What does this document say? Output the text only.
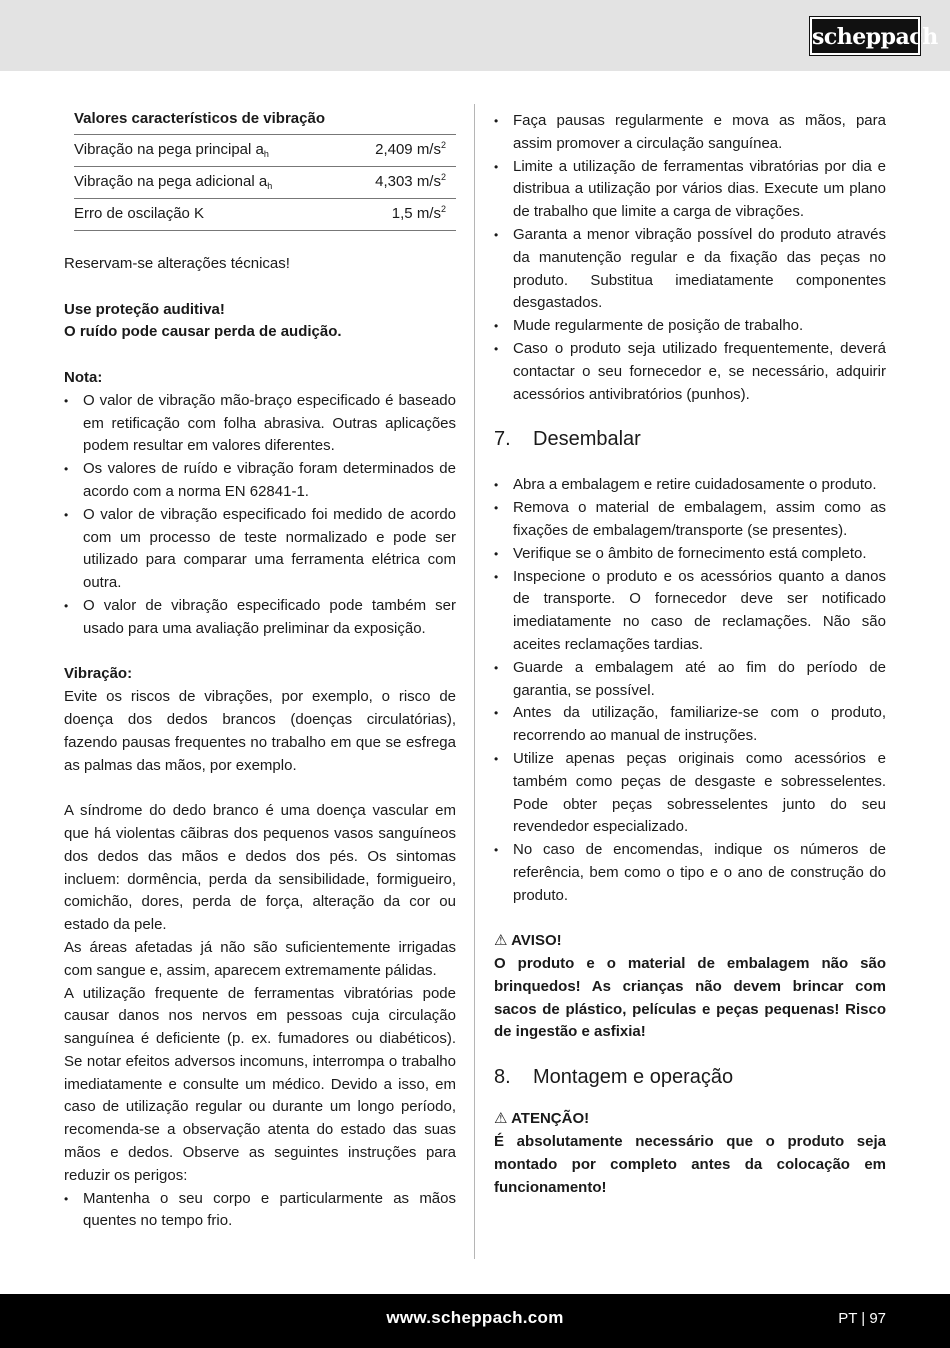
scheppach
Valores característicos de vibração
Vibração na pega principal $a_h$	2,409 $m/s^2$
Vibração na pega adicional $a_h$	4,303 $m/s^2$
Erro de oscilação K	1,5 $m/s^2$

Reservam-se alterações técnicas!

Use proteção auditiva!

O ruído pode causar perda de audição.

Nota:

• O valor de vibração mão-braço especificado é baseado em retificação com folha abrasiva. Outras aplicações podem resultar em valores diferentes.
• Os valores de ruído e vibração foram determinados de acordo com a norma EN 62841-1.
• O valor de vibração especificado foi medido de acordo com um processo de teste normalizado e pode ser utilizado para comparar uma ferramenta elétrica com outra.
• O valor de vibração especificado pode também ser usado para uma avaliação preliminar da exposição.

Vibração:

Evite os riscos de vibrações, por exemplo, o risco de doença dos dedos brancos (doenças circulatórias), fazendo pausas frequentes no trabalho em que se esfrega as palmas das mãos, por exemplo.

A síndrome do dedo branco é uma doença vascular em que há violentas cãibras dos pequenos vasos sanguíneos dos dedos das mãos e dedos dos pés. Os sintomas incluem: dormência, perda da sensibilidade, formigueiro, comichão, dores, perda de força, alteração da cor ou estado da pele.

As áreas afetadas já não são suficientemente irrigadas com sangue e, assim, aparecem extremamente pálidas.

A utilização frequente de ferramentas vibratórias pode causar danos nos nervos em pessoas cuja circulação sanguínea é deficiente (p. ex. fumadores ou diabéticos). Se notar efeitos adversos incomuns, interrompa o trabalho imediatamente e consulte um médico. Devido a isso, em caso de utilização regular ou durante um longo período, recomenda-se a observação atenta do estado das suas mãos e dedos. Observe as seguintes instruções para reduzir os perigos:

• Mantenha o seu corpo e particularmente as mãos quentes no tempo frio.
• Faça pausas regularmente e mova as mãos, para assim promover a circulação sanguínea.
• Limite a utilização de ferramentas vibratórias por dia e distribua a utilização por vários dias. Execute um plano de trabalho que limite a carga de vibrações.
• Garanta a menor vibração possível do produto através da manutenção regular e da fixação das peças no produto. Substitua imediatamente componentes desgastados.
• Mude regularmente de posição de trabalho.
• Caso o produto seja utilizado frequentemente, deverá contactar o seu fornecedor e, se necessário, adquirir acessórios antivibratórios (punhos).
7.	Desembalar
• Abra a embalagem e retire cuidadosamente o produto.
• Remova o material de embalagem, assim como as fixações de embalagem/transporte (se presentes).
• Verifique se o âmbito de fornecimento está completo.
• Inspecione o produto e os acessórios quanto a danos de transporte. O fornecedor deve ser notificado imediatamente no caso de reclamações. Não são aceites reclamações tardias.
• Guarde a embalagem até ao fim do período de garantia, se possível.
• Antes da utilização, familiarize-se com o produto, recorrendo ao manual de instruções.
• Utilize apenas peças originais como acessórios e também como peças de desgaste e sobresselentes. Pode obter peças sobresselentes junto do seu revendedor especializado.
• No caso de encomendas, indique os números de referência, bem como o tipo e o ano de construção do produto.

⚠ AVISO!

O produto e o material de embalagem não são brinquedos! As crianças não devem brincar com sacos de plástico, películas e peças pequenas! Risco de ingestão e asfixia!

8.	Montagem e operação

⚠ ATENÇÃO!

É absolutamente necessário que o produto seja montado por completo antes da colocação em funcionamento!

www.scheppach.com	PT | 97
